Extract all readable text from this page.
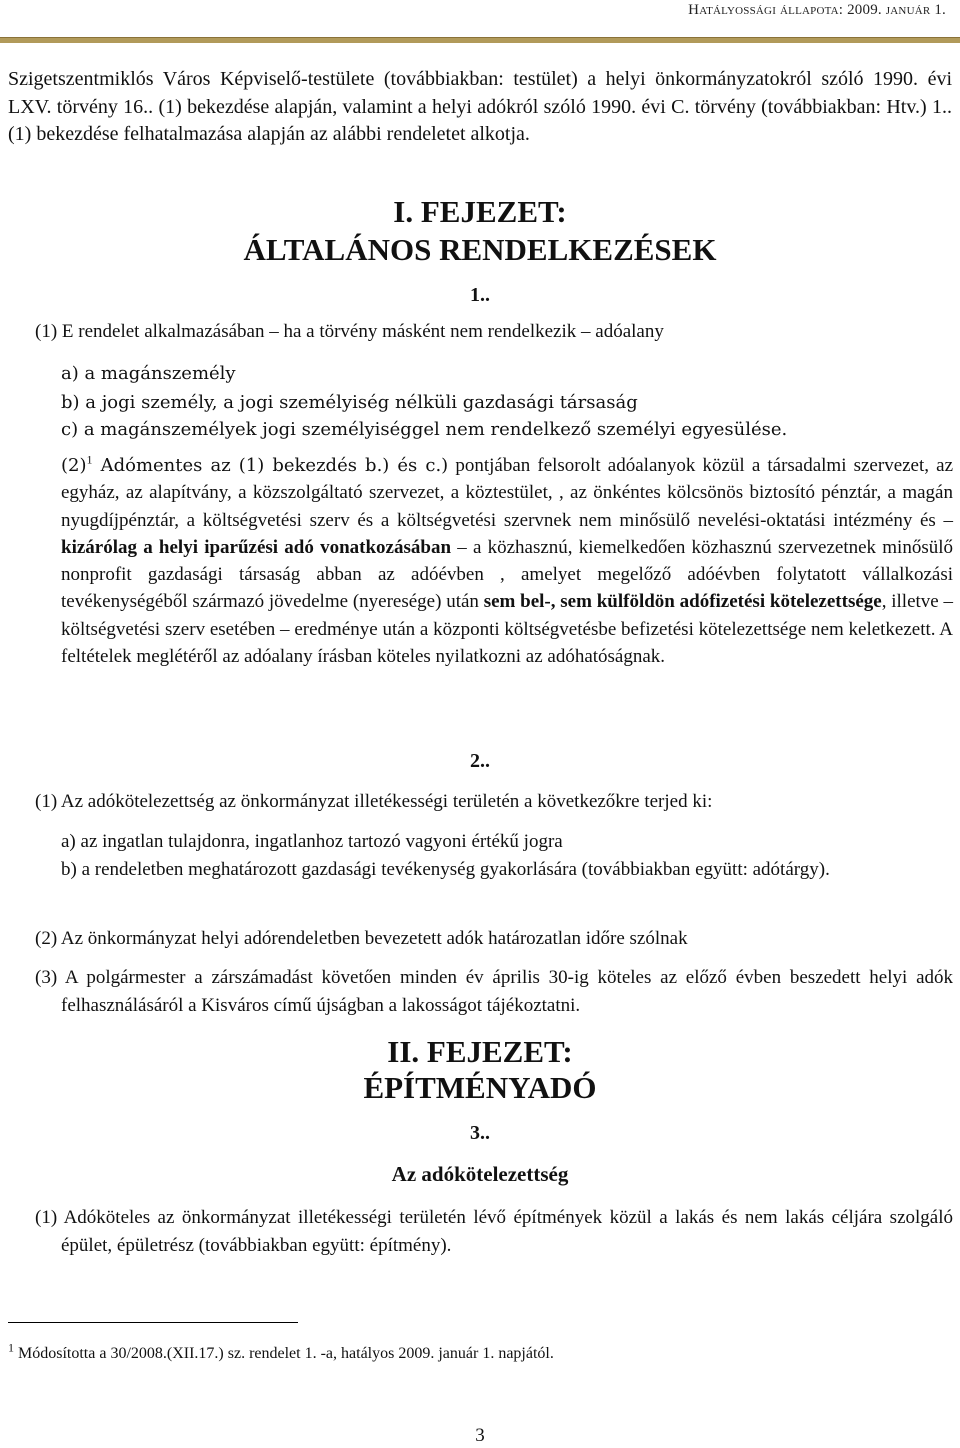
Hatályossági állapota: 2009. január 1.
Szigetszentmiklós Város Képviselő-testülete (továbbiakban: testület) a helyi önkormányzatokról szóló 1990. évi LXV. törvény 16.. (1) bekezdése alapján, valamint a helyi adókról szóló 1990. évi C. törvény (továbbiakban: Htv.) 1.. (1) bekezdése felhatalmazása alapján az alábbi rendeletet alkotja.
I. FEJEZET:
ÁLTALÁNOS RENDELKEZÉSEK
1..
(1) E rendelet alkalmazásában – ha a törvény másként nem rendelkezik – adóalany
a) a magánszemély
b) a jogi személy, a jogi személyiség nélküli gazdasági társaság
c) a magánszemélyek jogi személyiséggel nem rendelkező személyi egyesülése.
$(2)^1$ Adómentes az (1) bekezdés b.) és c.) pontjában felsorolt adóalanyok közül a társadalmi szervezet, az egyház, az alapítvány, a közszolgáltató szervezet, a köztestület, , az önkéntes kölcsönös biztosító pénztár, a magán nyugdíjpénztár, a költségvetési szerv és a költségvetési szervnek nem minősülő nevelési-oktatási intézmény és – kizárólag a helyi iparűzési adó vonatkozásában – a közhasznú, kiemelkedően közhasznú szervezetnek minősülő nonprofit gazdasági társaság abban az adóévben , amelyet megelőző adóévben folytatott vállalkozási tevékenységéből származó jövedelme (nyeresége) után sem bel-, sem külföldön adófizetési kötelezettsége, illetve – költségvetési szerv esetében – eredménye után a központi költségvetésbe befizetési kötelezettsége nem keletkezett. A feltételek meglétéről az adóalany írásban köteles nyilatkozni az adóhatóságnak.
2..
(1) Az adókötelezettség az önkormányzat illetékességi területén a következőkre terjed ki:
a) az ingatlan tulajdonra, ingatlanhoz tartozó vagyoni értékű jogra
b) a rendeletben meghatározott gazdasági tevékenység gyakorlására (továbbiakban együtt: adótárgy).
(2) Az önkormányzat helyi adórendeletben bevezetett adók határozatlan időre szólnak
(3) A polgármester a zárszámadást követően minden év április 30-ig köteles az előző évben beszedett helyi adók felhasználásáról a Kisváros című újságban a lakosságot tájékoztatni.
II. FEJEZET:
ÉPÍTMÉNYADÓ
3..
Az adókötelezettség
(1) Adóköteles az önkormányzat illetékességi területén lévő építmények közül a lakás és nem lakás céljára szolgáló épület, épületrész (továbbiakban együtt: építmény).
$^1$ Módosította a 30/2008.(XII.17.) sz. rendelet 1. -a, hatályos 2009. január 1. napjától.
3
